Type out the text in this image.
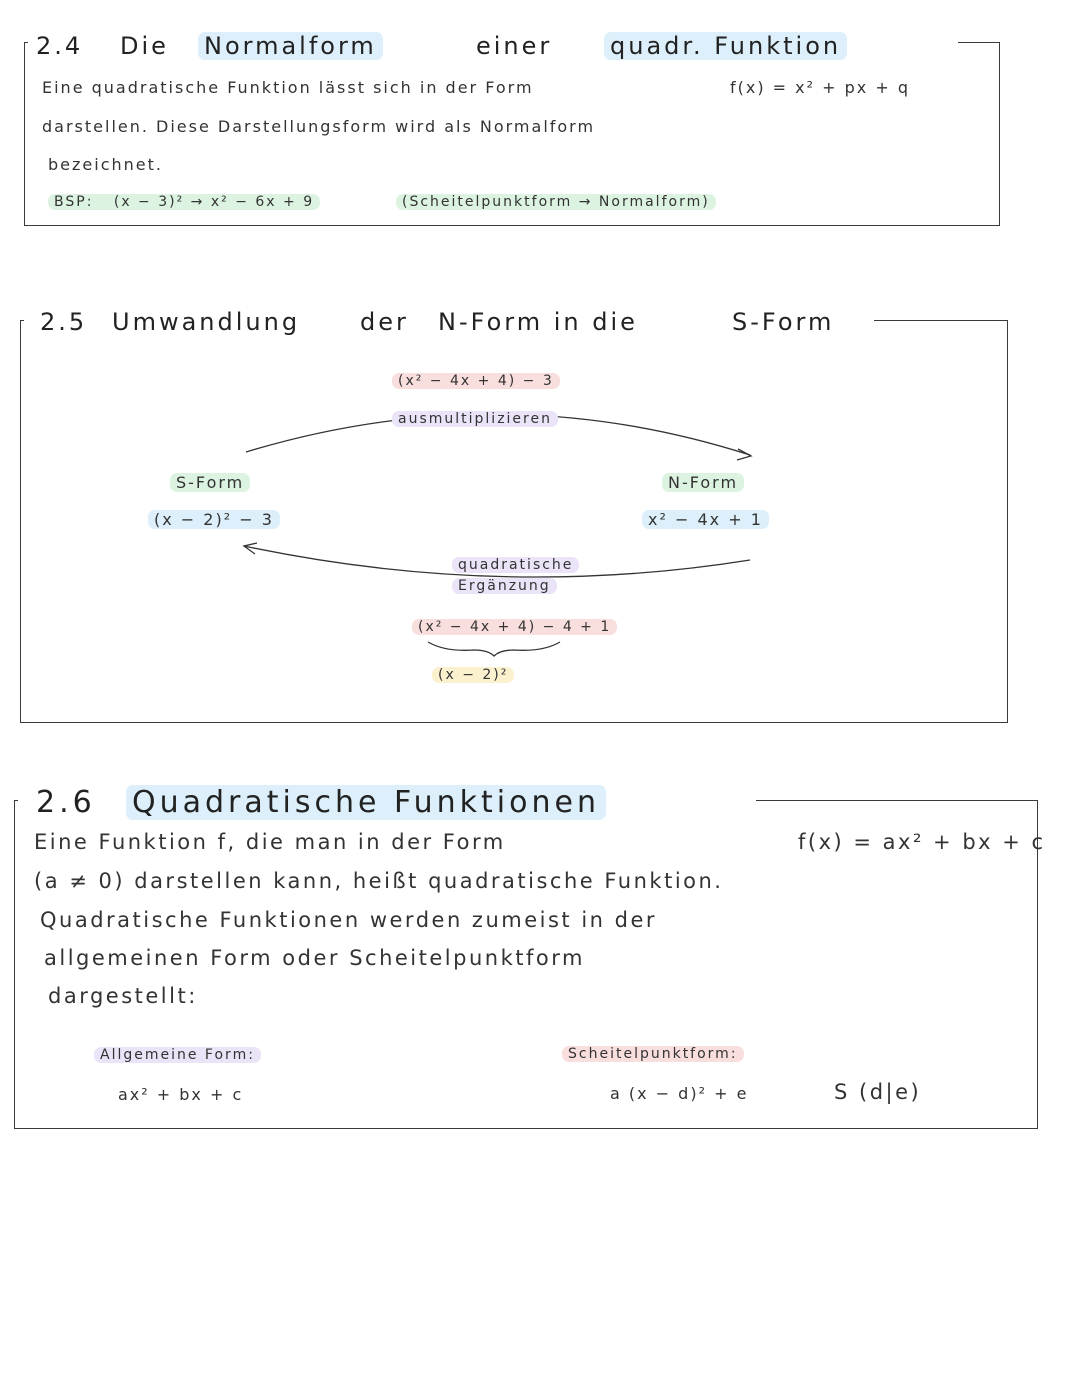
2.4 Die Normalform	einer quadr. Funktion
Eine quadratische Funktion lässt sich in der Form	f(x) = x² + px + q
darstellen. Diese Darstellungsform wird als Normalform
bezeichnet.
BSP: (x − 3)² → x² − 6x + 9	(Scheitelpunktform → Normalform)
2.5 Umwandlung der N-Form in die	S-Form
(x² − 4x + 4) − 3
ausmultiplizieren
S-Form
(x − 2)² − 3
N-Form
x² − 4x + 1
quadratische
Ergänzung
(x² − 4x + 4) − 4 + 1
(x − 2)²
2.6 Quadratische Funktionen
Eine Funktion f, die man in der Form	f(x) = ax² + bx + c
(a ≠ 0) darstellen kann, heißt quadratische Funktion.
Quadratische Funktionen werden zumeist in der
allgemeinen Form oder Scheitelpunktform
dargestellt:
Allgemeine Form:
ax² + bx + c
Scheitelpunktform:
a (x − d)² + e	S (d|e)
